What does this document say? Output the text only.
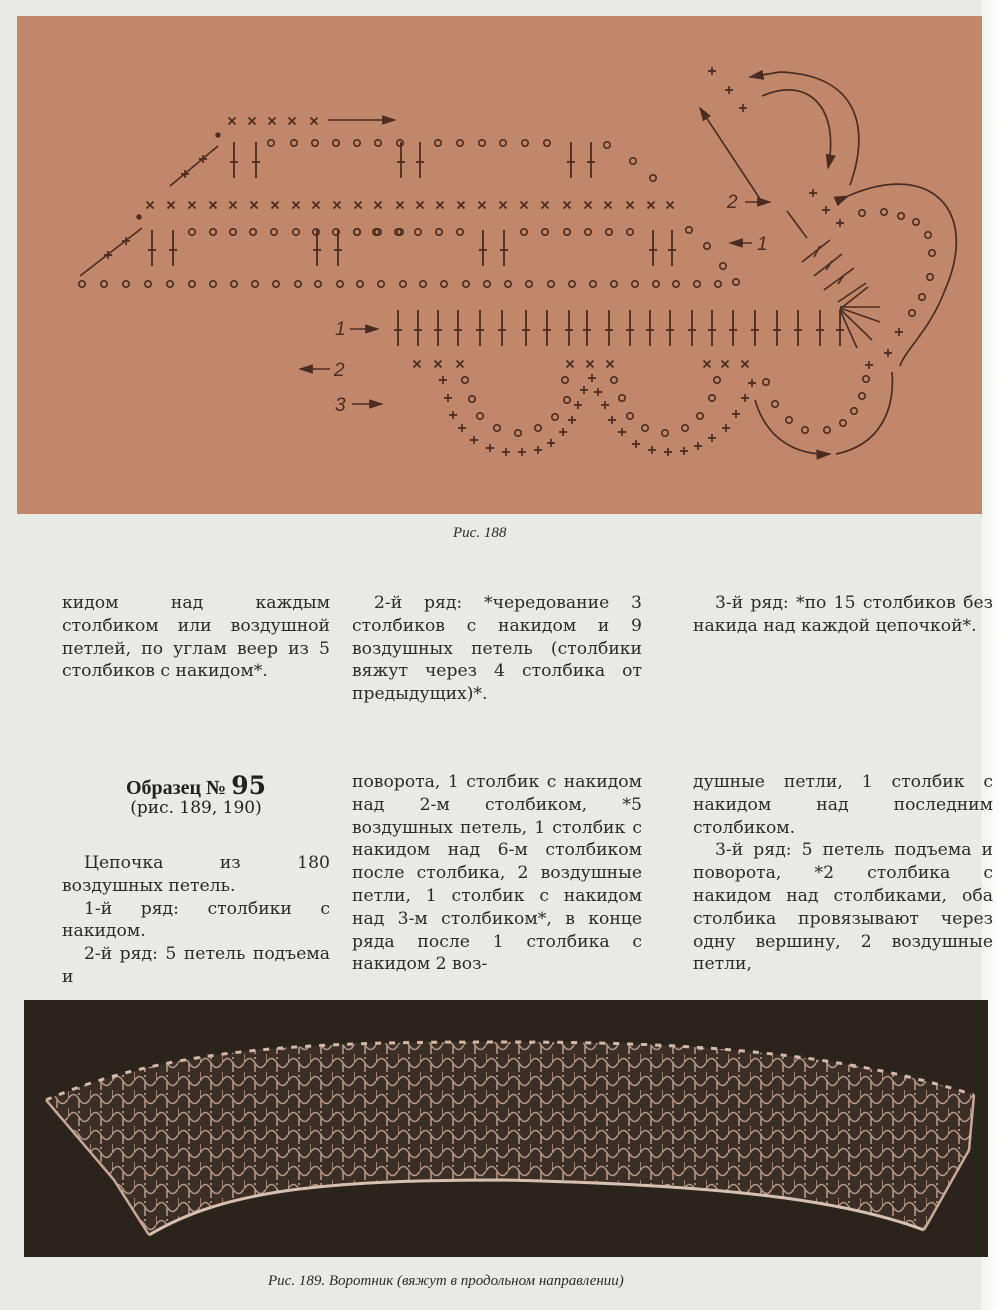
2
1
1
2
3
Рис. 188

кидом над каждым столбиком или воздушной петлей, по углам веер из 5 столбиков с накидом*.

2-й ряд: *чередование 3 столбиков с накидом и 9 воздушных петель (столбики вяжут через 4 столбика от предыдущих)*.

3-й ряд: *по 15 столбиков без накида над каждой цепочкой*.

Образец № 95
(рис. 189, 190)

Цепочка из 180 воздушных петель.

1-й ряд: столбики с накидом.

2-й ряд: 5 петель подъема и

поворота, 1 столбик с накидом над 2-м столбиком, *5 воздушных петель, 1 столбик с накидом над 6-м столбиком после столбика, 2 воздушные петли, 1 столбик с накидом над 3-м столбиком*, в конце ряда после 1 столбика с накидом 2 воз-

душные петли, 1 столбик с накидом над последним столбиком.

3-й ряд: 5 петель подъема и поворота, *2 столбика с накидом над столбиками, оба столбика провязывают через одну вершину, 2 воздушные петли,

Рис. 189. Воротник (вяжут в продольном направлении)
